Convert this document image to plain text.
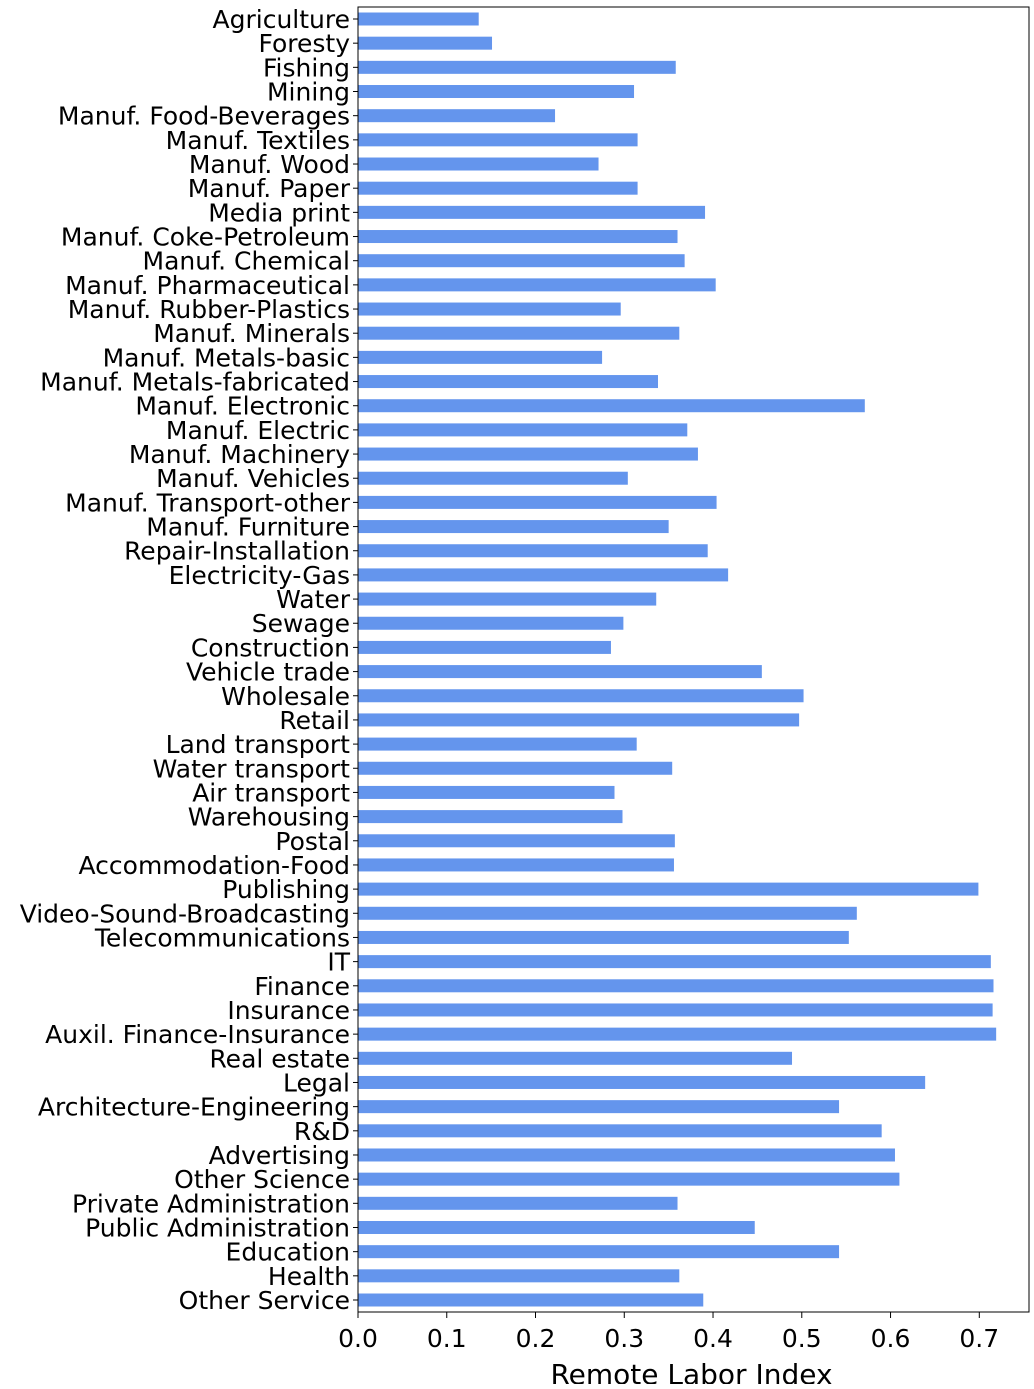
Agriculture
Foresty
Fishing
Mining
Manuf. Food-Beverages
Manuf. Textiles
Manuf. Wood
Manuf. Paper
Media print
Manuf. Coke-Petroleum
Manuf. Chemical
Manuf. Pharmaceutical
Manuf. Rubber-Plastics
Manuf. Minerals
Manuf. Metals-basic
Manuf. Metals-fabricated
Manuf. Electronic
Manuf. Electric
Manuf. Machinery
Manuf. Vehicles
Manuf. Transport-other
Manuf. Furniture
Repair-Installation
Electricity-Gas
Water
Sewage
Construction
Vehicle trade
Wholesale
Retail
Land transport
Water transport
Air transport
Warehousing
Postal
Accommodation-Food
Publishing
Video-Sound-Broadcasting
Telecommunications
IT
Finance
Insurance
Auxil. Finance-Insurance
Real estate
Legal
Architecture-Engineering
R&D
Advertising
Other Science
Private Administration
Public Administration
Education
Health
Other Service
0.0 0.1 0.2 0.3 0.4 0.5 0.6 0.7
Remote Labor Index
